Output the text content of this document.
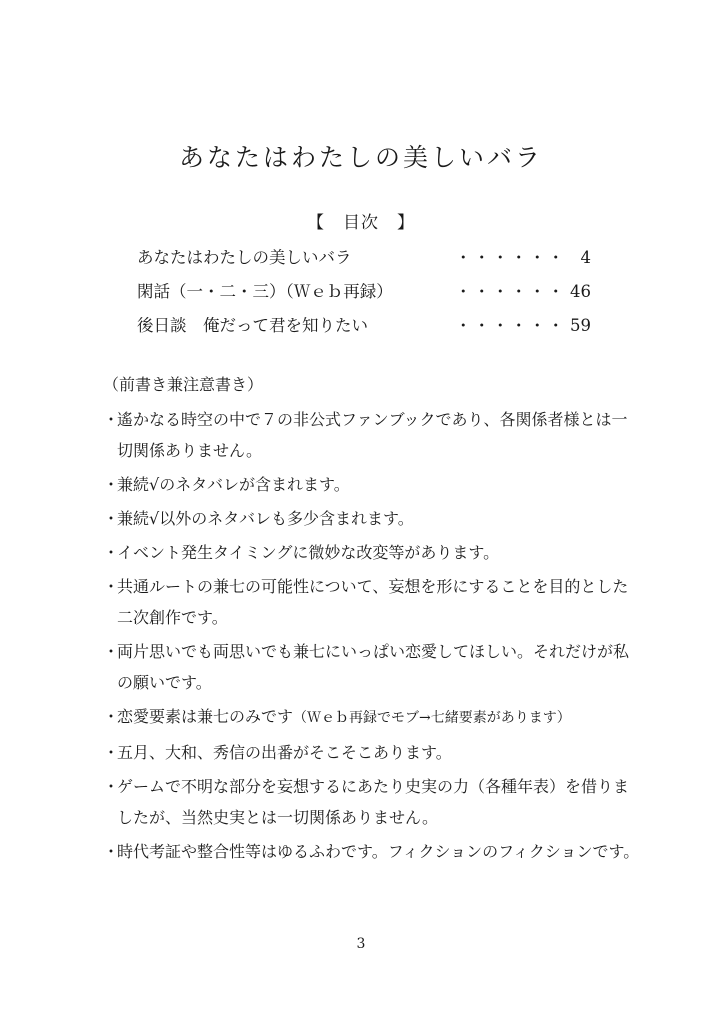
あなたはわたしの美しいバラ
【　目次　】
あなたはわたしの美しいバラ	・・・・・・ 4
閑話（一・二・三）（Ｗｅｂ再録）	・・・・・・ 46
後日談　俺だって君を知りたい	・・・・・・ 59
（前書き兼注意書き）
・
遙かなる時空の中で７の非公式ファンブックであり、各関係者様とは一
切関係ありません。
・
兼続√のネタバレが含まれます。
・
兼続√以外のネタバレも多少含まれます。
・
イベント発生タイミングに微妙な改変等があります。
・
共通ルートの兼七の可能性について、妄想を形にすることを目的とした
二次創作です。
・
両片思いでも両思いでも兼七にいっぱい恋愛してほしい。それだけが私
の願いです。
・
恋愛要素は兼七のみです（Ｗｅｂ再録でモブ→七緒要素があります）
・
五月、大和、秀信の出番がそこそこあります。
・
ゲームで不明な部分を妄想するにあたり史実の力（各種年表）を借りま
したが、当然史実とは一切関係ありません。
・
時代考証や整合性等はゆるふわです。フィクションのフィクションです。
3
